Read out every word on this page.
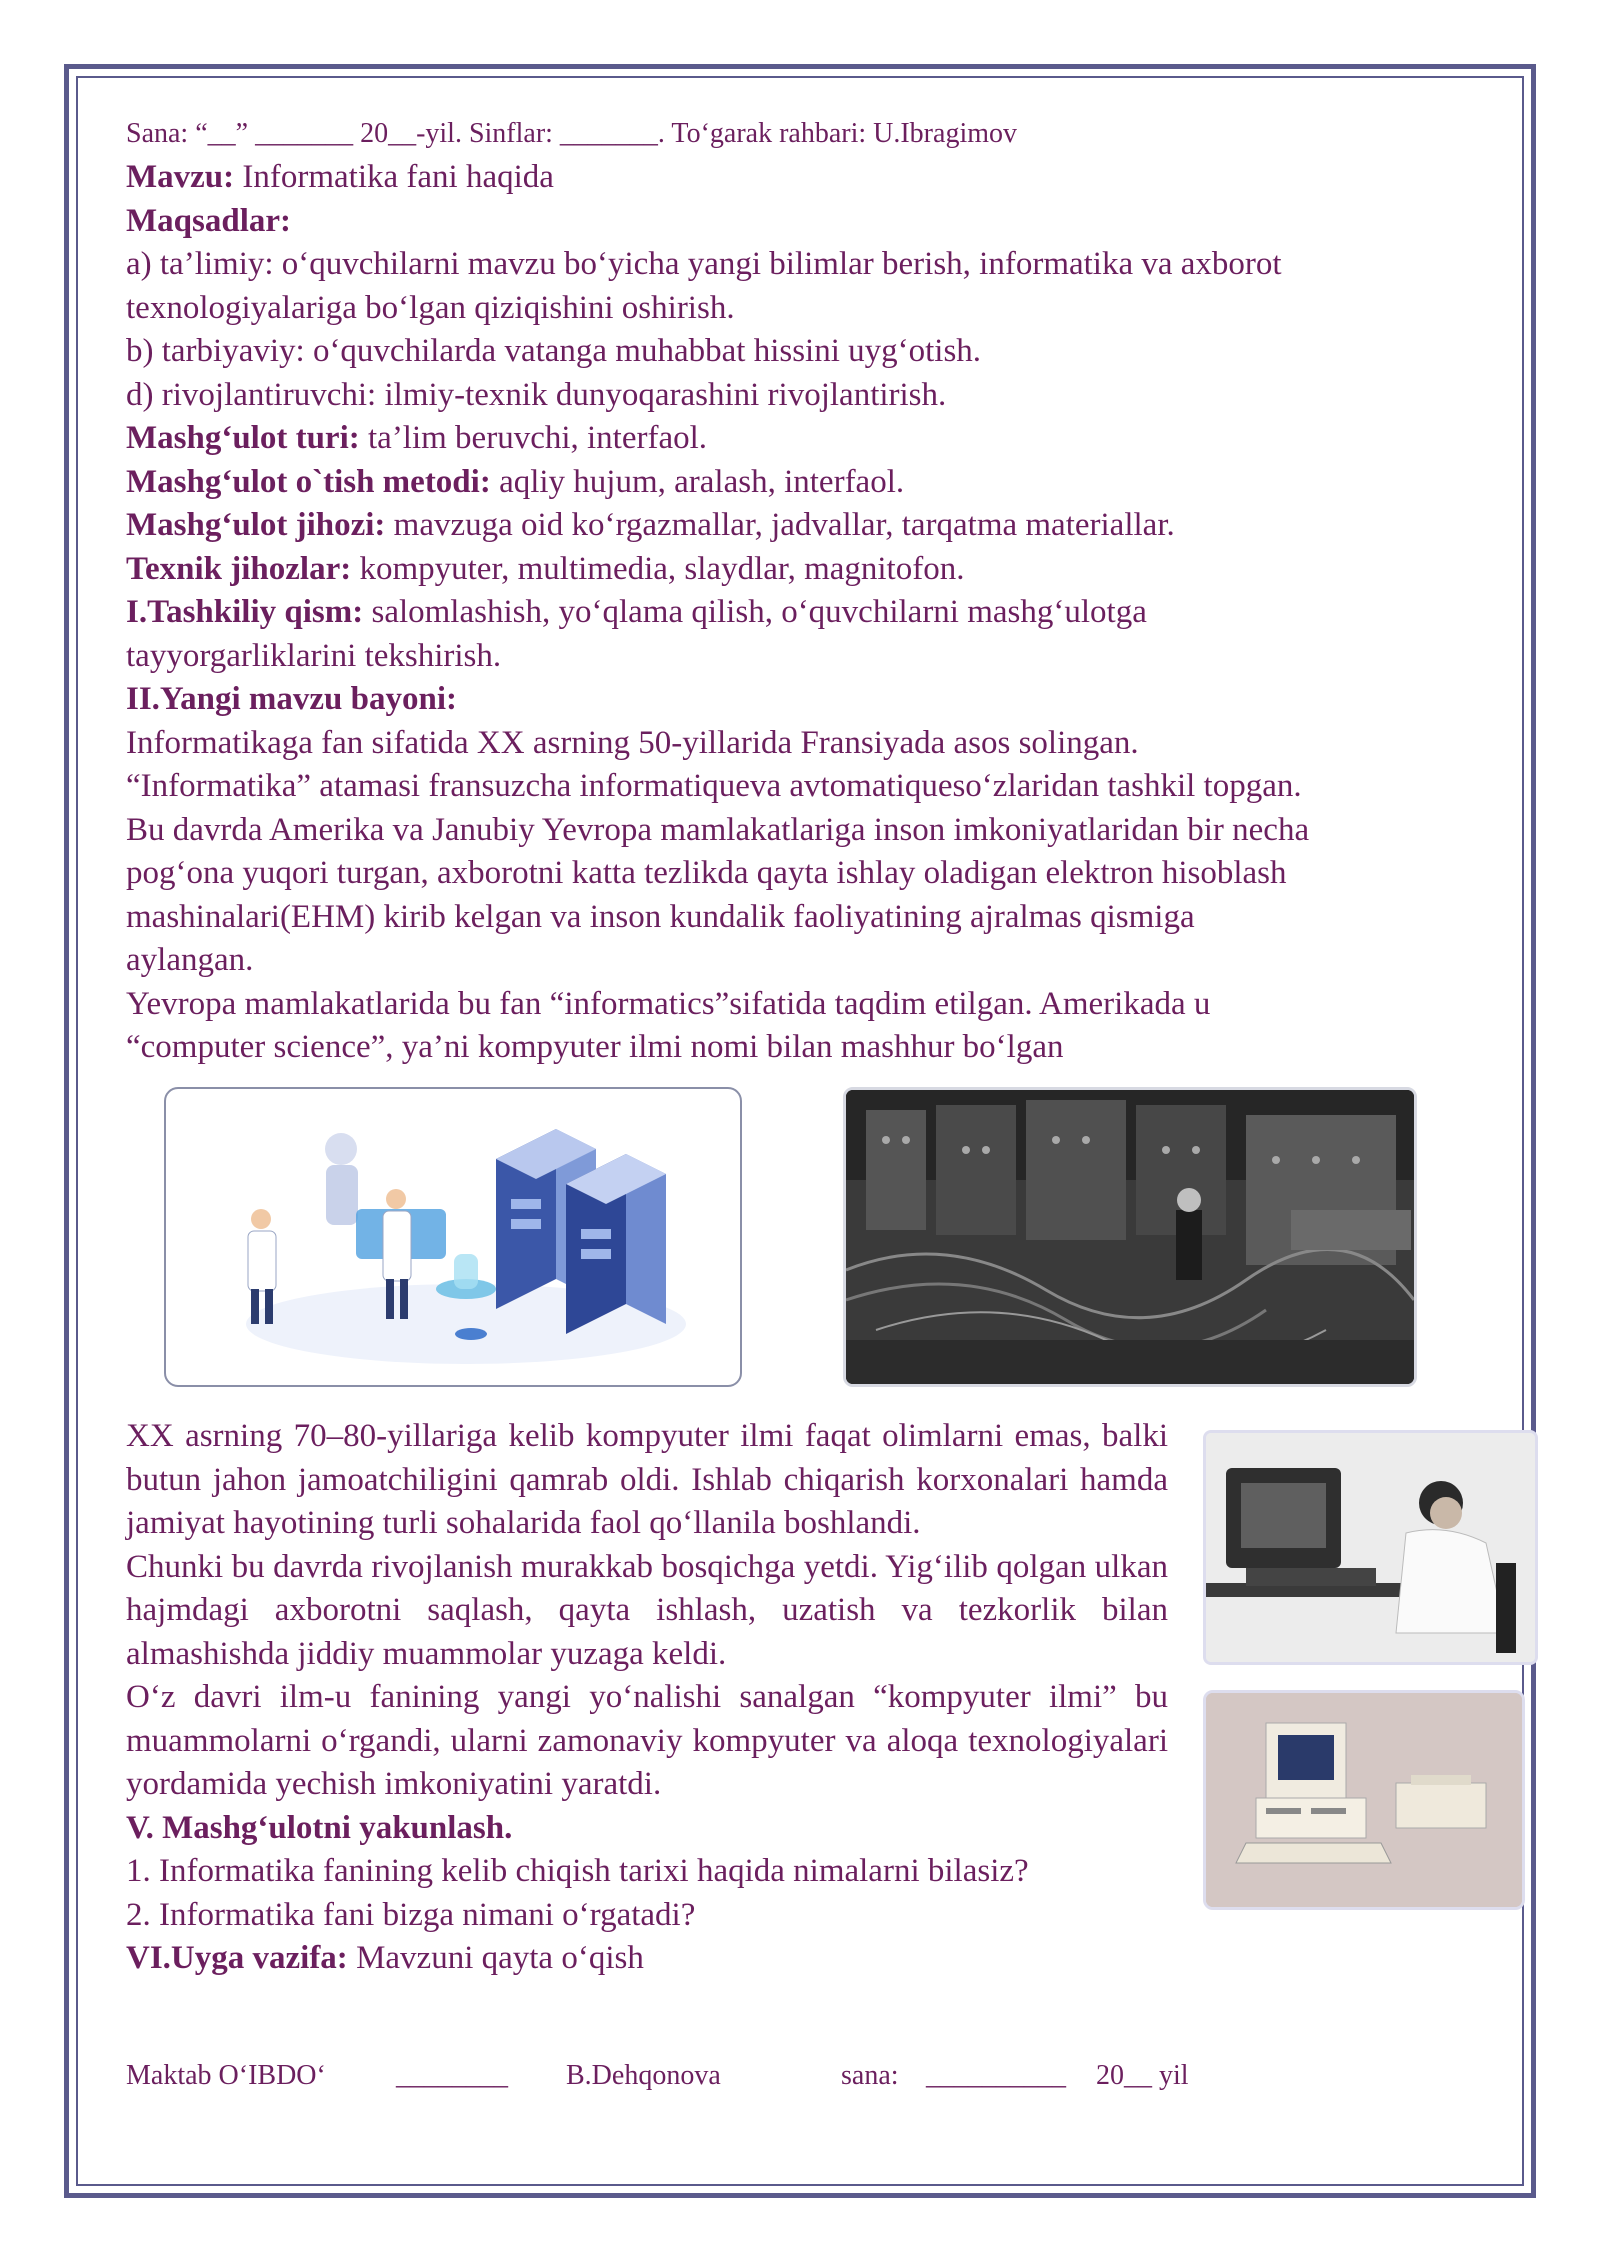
Sana: “__” _______ 20__-yil. Sinflar: _______. To‘garak rahbari: U.Ibragimov
Mavzu: Informatika fani haqida
Maqsadlar:
a) ta’limiy: o‘quvchilarni mavzu bo‘yicha yangi bilimlar berish, informatika va axborot
texnologiyalariga bo‘lgan qiziqishini oshirish.
b) tarbiyaviy: o‘quvchilarda vatanga muhabbat hissini uyg‘otish.
d) rivojlantiruvchi: ilmiy-texnik dunyoqarashini rivojlantirish.
Mashg‘ulot turi: ta’lim beruvchi, interfaol.
Mashg‘ulot o`tish metodi: aqliy hujum, aralash, interfaol.
Mashg‘ulot jihozi: mavzuga oid ko‘rgazmallar, jadvallar, tarqatma materiallar.
Texnik jihozlar: kompyuter, multimedia, slaydlar, magnitofon.
I.Tashkiliy qism: salomlashish, yo‘qlama qilish, o‘quvchilarni mashg‘ulotga
tayyorgarliklarini tekshirish.
II.Yangi mavzu bayoni:
Informatikaga fan sifatida XX asrning 50-yillarida Fransiyada asos solingan.
“Informatika” atamasi fransuzcha informatiqueva avtomatiqueso‘zlaridan tashkil topgan.
Bu davrda Amerika va Janubiy Yevropa mamlakatlariga inson imkoniyatlaridan bir necha
pog‘ona yuqori turgan, axborotni katta tezlikda qayta ishlay oladigan elektron hisoblash
mashinalari(EHM) kirib kelgan va inson kundalik faoliyatining ajralmas qismiga
aylangan.
Yevropa mamlakatlarida bu fan “informatics”sifatida taqdim etilgan. Amerikada u
“computer science”, ya’ni kompyuter ilmi nomi bilan mashhur bo‘lgan
XX asrning 70–80-yillariga kelib kompyuter ilmi faqat olimlarni emas, balki butun jahon jamoatchiligini qamrab oldi. Ishlab chiqarish korxonalari hamda jamiyat hayotining turli sohalarida faol qo‘llanila boshlandi.
Chunki bu davrda rivojlanish murakkab bosqichga yetdi. Yig‘ilib qolgan ulkan hajmdagi axborotni saqlash, qayta ishlash, uzatish va tezkorlik bilan almashishda jiddiy muammolar yuzaga keldi.
O‘z davri ilm-u fanining yangi yo‘nalishi sanalgan “kompyuter ilmi” bu muammolarni o‘rgandi, ularni zamonaviy kompyuter va aloqa texnologiyalari yordamida yechish imkoniyatini yaratdi.
V. Mashg‘ulotni yakunlash.
1. Informatika fanining kelib chiqish tarixi haqida nimalarni bilasiz?
2. Informatika fani bizga nimani o‘rgatadi?
VI.Uyga vazifa: Mavzuni qayta o‘qish
Maktab O‘IBDO‘	________ B.Dehqonova	sana: __________ 20__ yil
